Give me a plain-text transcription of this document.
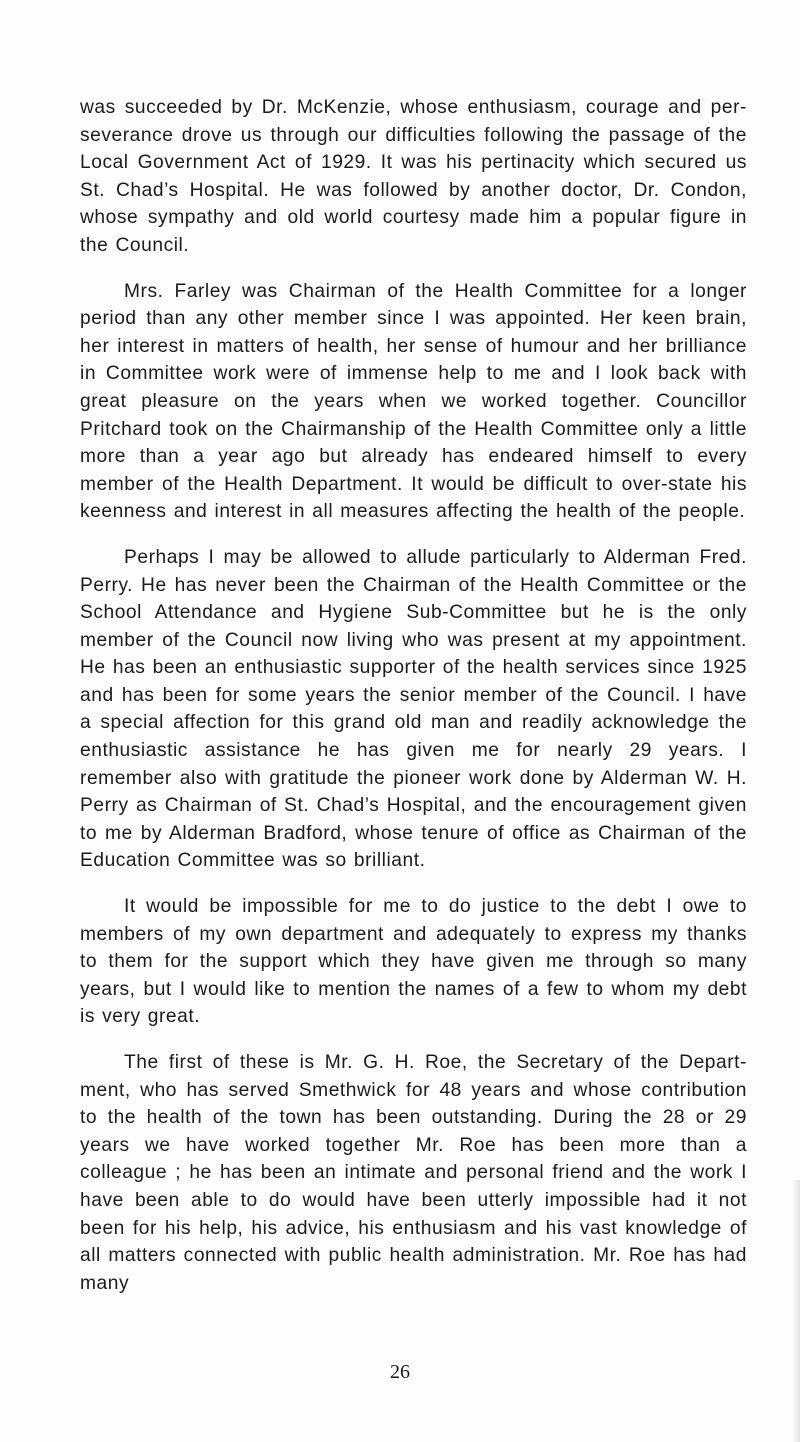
was succeeded by Dr. McKenzie, whose enthusiasm, courage and per-severance drove us through our difficulties following the passage of the Local Government Act of 1929. It was his pertinacity which secured us St. Chad’s Hospital. He was followed by another doctor, Dr. Condon, whose sympathy and old world courtesy made him a popular figure in the Council.

Mrs. Farley was Chairman of the Health Committee for a longer period than any other member since I was appointed. Her keen brain, her interest in matters of health, her sense of humour and her brilliance in Committee work were of immense help to me and I look back with great pleasure on the years when we worked together. Councillor Pritchard took on the Chairmanship of the Health Committee only a little more than a year ago but already has endeared himself to every member of the Health Department. It would be difficult to over-state his keenness and interest in all measures affecting the health of the people.

Perhaps I may be allowed to allude particularly to Alderman Fred. Perry. He has never been the Chairman of the Health Committee or the School Attendance and Hygiene Sub-Committee but he is the only member of the Council now living who was present at my appointment. He has been an enthusiastic supporter of the health services since 1925 and has been for some years the senior member of the Council. I have a special affection for this grand old man and readily acknowledge the enthusiastic assistance he has given me for nearly 29 years. I remember also with gratitude the pioneer work done by Alderman W. H. Perry as Chairman of St. Chad’s Hospital, and the encouragement given to me by Alderman Bradford, whose tenure of office as Chairman of the Education Committee was so brilliant.

It would be impossible for me to do justice to the debt I owe to members of my own department and adequately to express my thanks to them for the support which they have given me through so many years, but I would like to mention the names of a few to whom my debt is very great.

The first of these is Mr. G. H. Roe, the Secretary of the Depart-ment, who has served Smethwick for 48 years and whose contribution to the health of the town has been outstanding. During the 28 or 29 years we have worked together Mr. Roe has been more than a colleague ; he has been an intimate and personal friend and the work I have been able to do would have been utterly impossible had it not been for his help, his advice, his enthusiasm and his vast knowledge of all matters connected with public health administration. Mr. Roe has had many

26
